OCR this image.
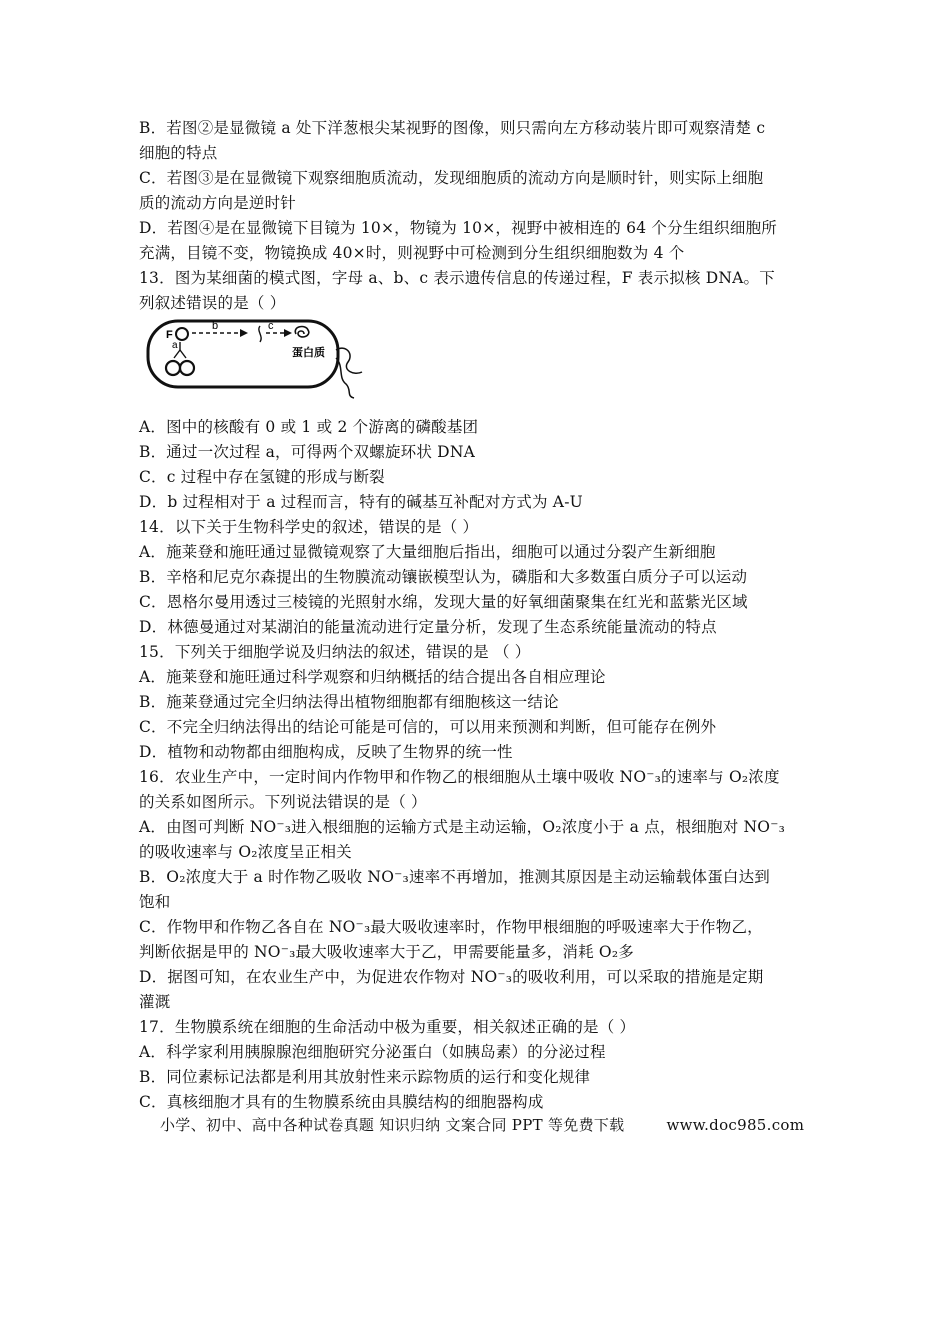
B．若图②是显微镜 a 处下洋葱根尖某视野的图像，则只需向左方移动装片即可观察清楚 c
细胞的特点
C．若图③是在显微镜下观察细胞质流动，发现细胞质的流动方向是顺时针，则实际上细胞
质的流动方向是逆时针
D．若图④是在显微镜下目镜为 10×，物镜为 10×，视野中被相连的 64 个分生组织细胞所
充满，目镜不变，物镜换成 40×时，则视野中可检测到分生组织细胞数为 4 个
13．图为某细菌的模式图，字母 a、b、c 表示遗传信息的传递过程，F 表示拟核 DNA。下
列叙述错误的是（ ）
F
b	c
蛋白质
a
A．图中的核酸有 0 或 1 或 2 个游离的磷酸基团
B．通过一次过程 a，可得两个双螺旋环状 DNA
C．c 过程中存在氢键的形成与断裂
D．b 过程相对于 a 过程而言，特有的碱基互补配对方式为 A-U
14．以下关于生物科学史的叙述，错误的是（ ）
A．施莱登和施旺通过显微镜观察了大量细胞后指出，细胞可以通过分裂产生新细胞
B．辛格和尼克尔森提出的生物膜流动镶嵌模型认为，磷脂和大多数蛋白质分子可以运动
C．恩格尔曼用透过三棱镜的光照射水绵，发现大量的好氧细菌聚集在红光和蓝紫光区域
D．林德曼通过对某湖泊的能量流动进行定量分析，发现了生态系统能量流动的特点
15．下列关于细胞学说及归纳法的叙述，错误的是 （ ）
A．施莱登和施旺通过科学观察和归纳概括的结合提出各自相应理论
B．施莱登通过完全归纳法得出植物细胞都有细胞核这一结论
C．不完全归纳法得出的结论可能是可信的，可以用来预测和判断，但可能存在例外
D．植物和动物都由细胞构成，反映了生物界的统一性
16．农业生产中，一定时间内作物甲和作物乙的根细胞从土壤中吸收 NO⁻₃的速率与 O₂浓度
的关系如图所示。下列说法错误的是（ ）
A．由图可判断 NO⁻₃进入根细胞的运输方式是主动运输，O₂浓度小于 a 点，根细胞对 NO⁻₃
的吸收速率与 O₂浓度呈正相关
B．O₂浓度大于 a 时作物乙吸收 NO⁻₃速率不再增加，推测其原因是主动运输载体蛋白达到
饱和
C．作物甲和作物乙各自在 NO⁻₃最大吸收速率时，作物甲根细胞的呼吸速率大于作物乙，
判断依据是甲的 NO⁻₃最大吸收速率大于乙，甲需要能量多，消耗 O₂多
D．据图可知，在农业生产中，为促进农作物对 NO⁻₃的吸收利用，可以采取的措施是定期
灌溉
17．生物膜系统在细胞的生命活动中极为重要，相关叙述正确的是（ ）
A．科学家利用胰腺腺泡细胞研究分泌蛋白（如胰岛素）的分泌过程
B．同位素标记法都是利用其放射性来示踪物质的运行和变化规律
C．真核细胞才具有的生物膜系统由具膜结构的细胞器构成
小学、初中、高中各种试卷真题 知识归纳 文案合同 PPT 等免费下载	www.doc985.com
